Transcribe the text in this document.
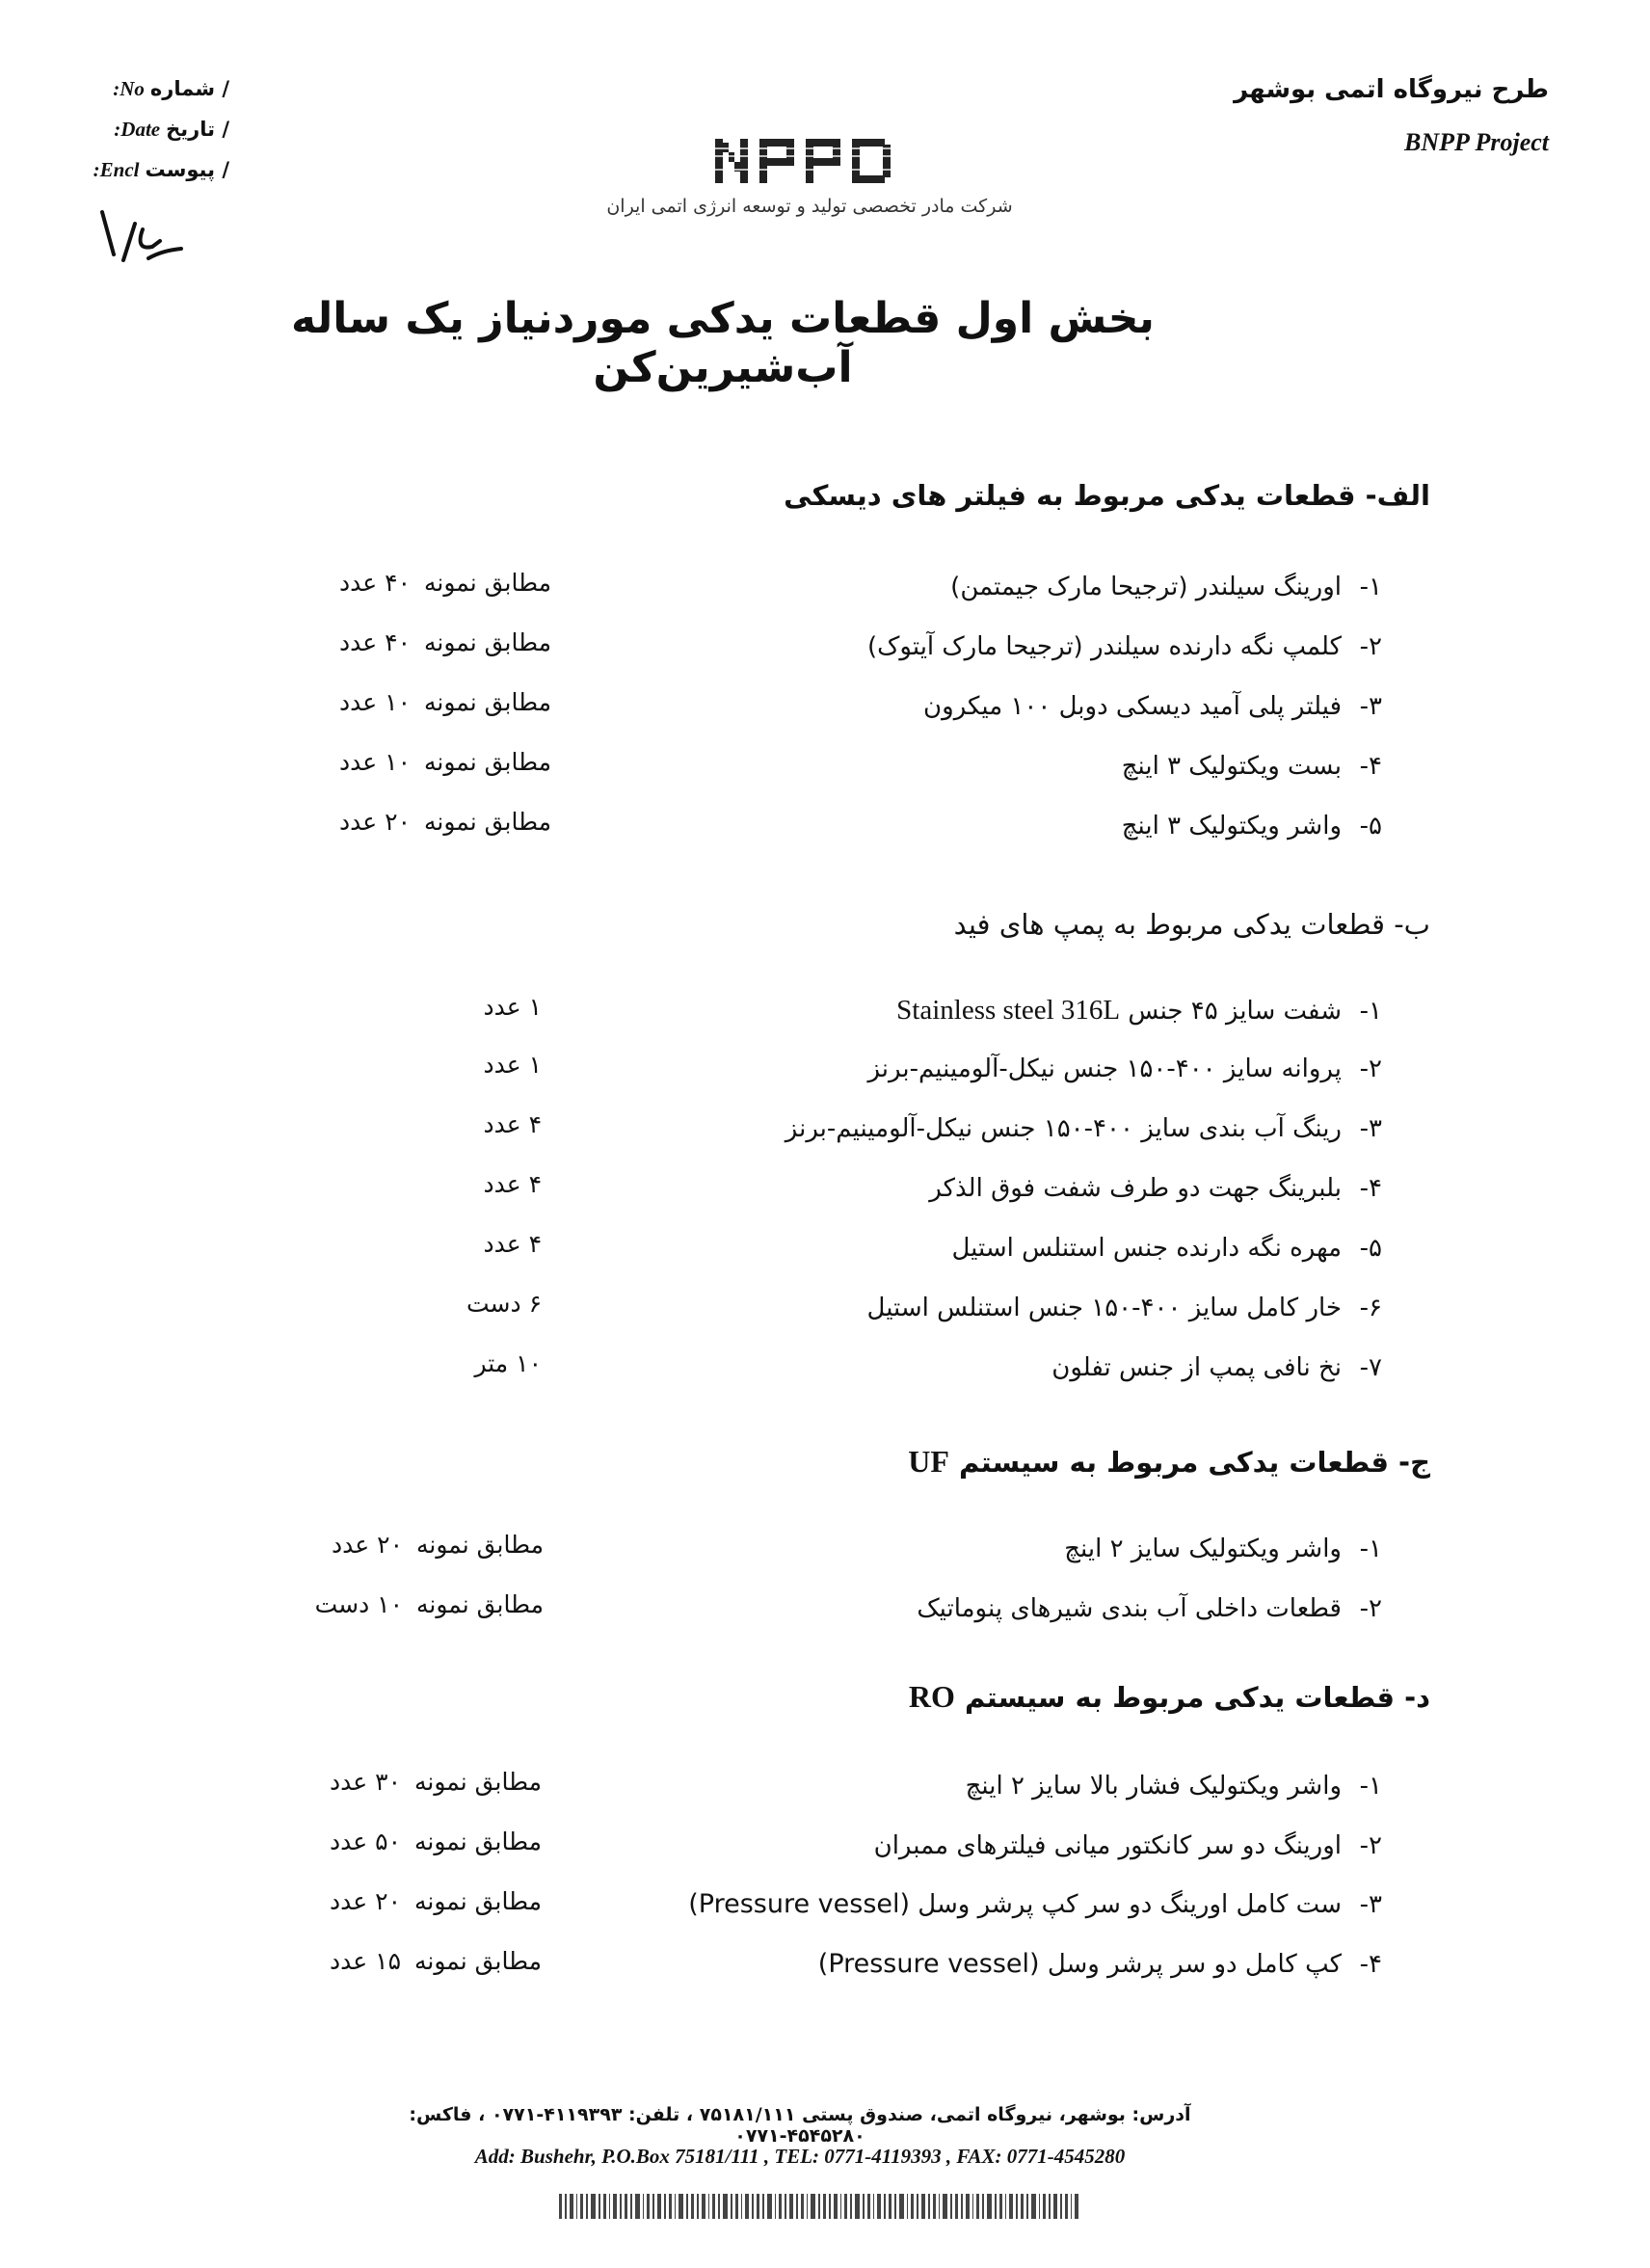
طرح نیروگاه اتمی بوشهر
BNPP Project
/ شماره
No:
/ تاریخ
Date:
/ پیوست
Encl:
شرکت مادر تخصصی تولید و توسعه انرژی اتمی ایران
بخش اول قطعات یدکی موردنیاز یک ساله آب‌شیرین‌کن
الف- قطعات یدکی مربوط به فیلتر های دیسکی
۱-اورینگ سیلندر (ترجیحا مارک جیمتمن)
مطابق نمونه۴۰ عدد
۲-کلمپ نگه دارنده سیلندر (ترجیحا مارک آیتوک)
مطابق نمونه۴۰ عدد
۳-فیلتر پلی آمید دیسکی دوبل ۱۰۰ میکرون
مطابق نمونه۱۰ عدد
۴-بست ویکتولیک ۳ اینچ
مطابق نمونه۱۰ عدد
۵-واشر ویکتولیک ۳ اینچ
مطابق نمونه۲۰ عدد
ب- قطعات یدکی مربوط به پمپ های فید
۱-شفت سایز ۴۵ جنس Stainless steel 316L
۱ عدد
۲-پروانه سایز ۴۰۰-۱۵۰ جنس نیکل-آلومینیم-برنز
۱ عدد
۳-رینگ آب بندی سایز ۴۰۰-۱۵۰ جنس نیکل-آلومینیم-برنز
۴ عدد
۴-بلبرینگ جهت دو طرف شفت فوق الذکر
۴ عدد
۵-مهره نگه دارنده جنس استنلس استیل
۴ عدد
۶-خار کامل سایز ۴۰۰-۱۵۰ جنس استنلس استیل
۶ دست
۷-نخ نافی پمپ از جنس تفلون
۱۰ متر
ج- قطعات یدکی مربوط به سیستم UF
۱-واشر ویکتولیک سایز ۲ اینچ
مطابق نمونه۲۰ عدد
۲-قطعات داخلی آب بندی شیرهای پنوماتیک
مطابق نمونه۱۰ دست
د- قطعات یدکی مربوط به سیستم RO
۱-واشر ویکتولیک فشار بالا سایز ۲ اینچ
مطابق نمونه۳۰ عدد
۲-اورینگ دو سر کانکتور میانی فیلترهای ممبران
مطابق نمونه۵۰ عدد
۳-ست کامل اورینگ دو سر کپ پرشر وسل (Pressure vessel)
مطابق نمونه۲۰ عدد
۴-کپ کامل دو سر پرشر وسل (Pressure vessel)
مطابق نمونه۱۵ عدد
آدرس: بوشهر، نیروگاه اتمی، صندوق پستی ۷۵۱۸۱/۱۱۱ ، تلفن: ۴۱۱۹۳۹۳-۰۷۷۱ ، فاکس: ۴۵۴۵۲۸۰-۰۷۷۱
Add: Bushehr, P.O.Box 75181/111 , TEL: 0771-4119393 , FAX: 0771-4545280
